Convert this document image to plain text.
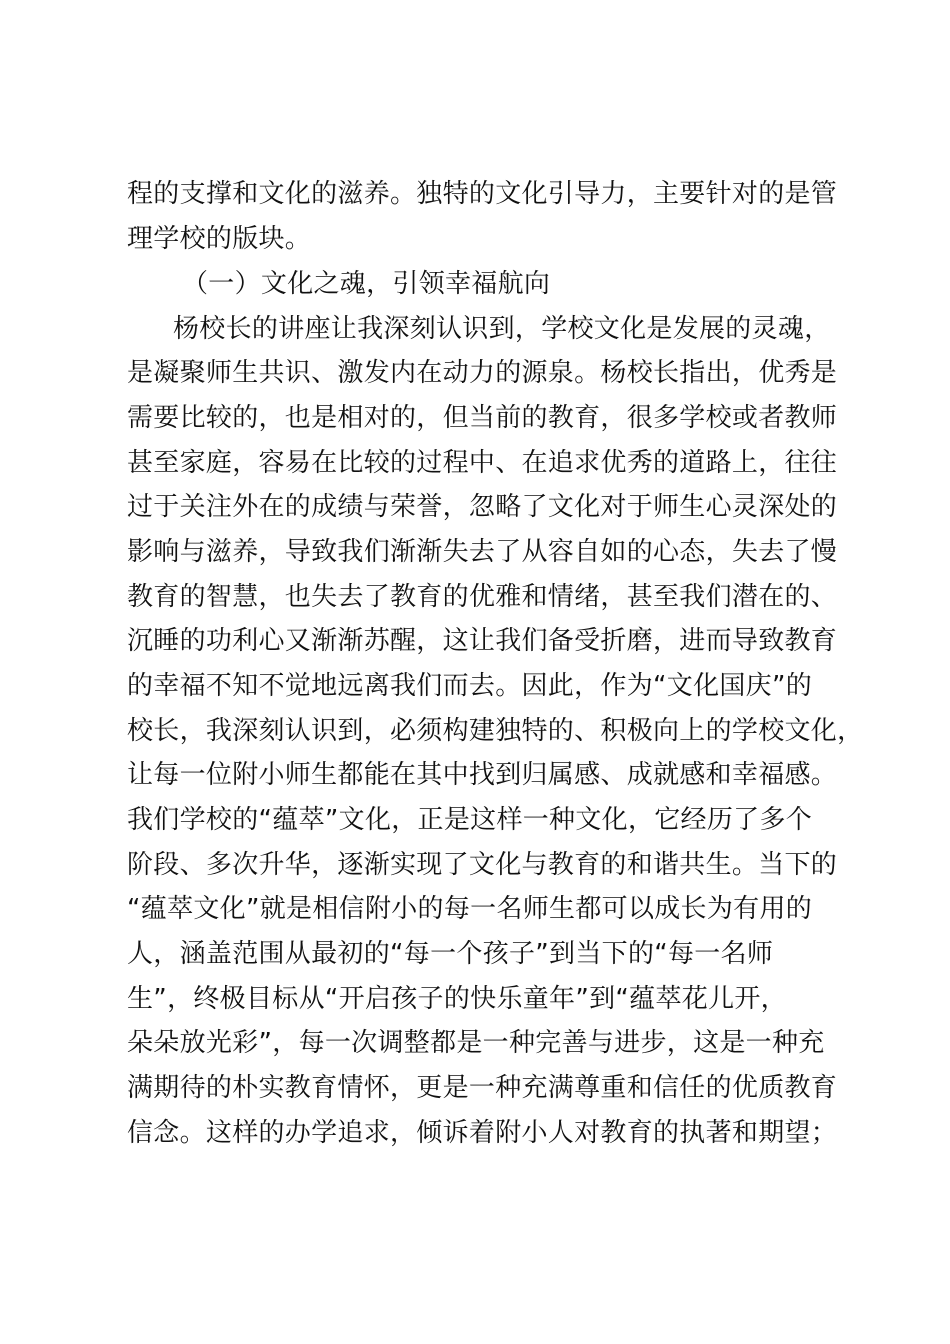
程的支撑和文化的滋养。独特的文化引导力，主要针对的是管
理学校的版块。
（一）文化之魂，引领幸福航向
杨校长的讲座让我深刻认识到，学校文化是发展的灵魂，
是凝聚师生共识、激发内在动力的源泉。杨校长指出，优秀是
需要比较的，也是相对的，但当前的教育，很多学校或者教师
甚至家庭，容易在比较的过程中、在追求优秀的道路上，往往
过于关注外在的成绩与荣誉，忽略了文化对于师生心灵深处的
影响与滋养，导致我们渐渐失去了从容自如的心态，失去了慢
教育的智慧，也失去了教育的优雅和情绪，甚至我们潜在的、
沉睡的功利心又渐渐苏醒，这让我们备受折磨，进而导致教育
的幸福不知不觉地远离我们而去。因此，作为“文化国庆”的
校长，我深刻认识到，必须构建独特的、积极向上的学校文化，
让每一位附小师生都能在其中找到归属感、成就感和幸福感。
我们学校的“蕴萃”文化，正是这样一种文化，它经历了多个
阶段、多次升华，逐渐实现了文化与教育的和谐共生。当下的
“蕴萃文化”就是相信附小的每一名师生都可以成长为有用的
人，涵盖范围从最初的“每一个孩子”到当下的“每一名师
生”，终极目标从“开启孩子的快乐童年”到“蕴萃花儿开，
朵朵放光彩”，每一次调整都是一种完善与进步，这是一种充
满期待的朴实教育情怀，更是一种充满尊重和信任的优质教育
信念。这样的办学追求，倾诉着附小人对教育的执著和期望；
